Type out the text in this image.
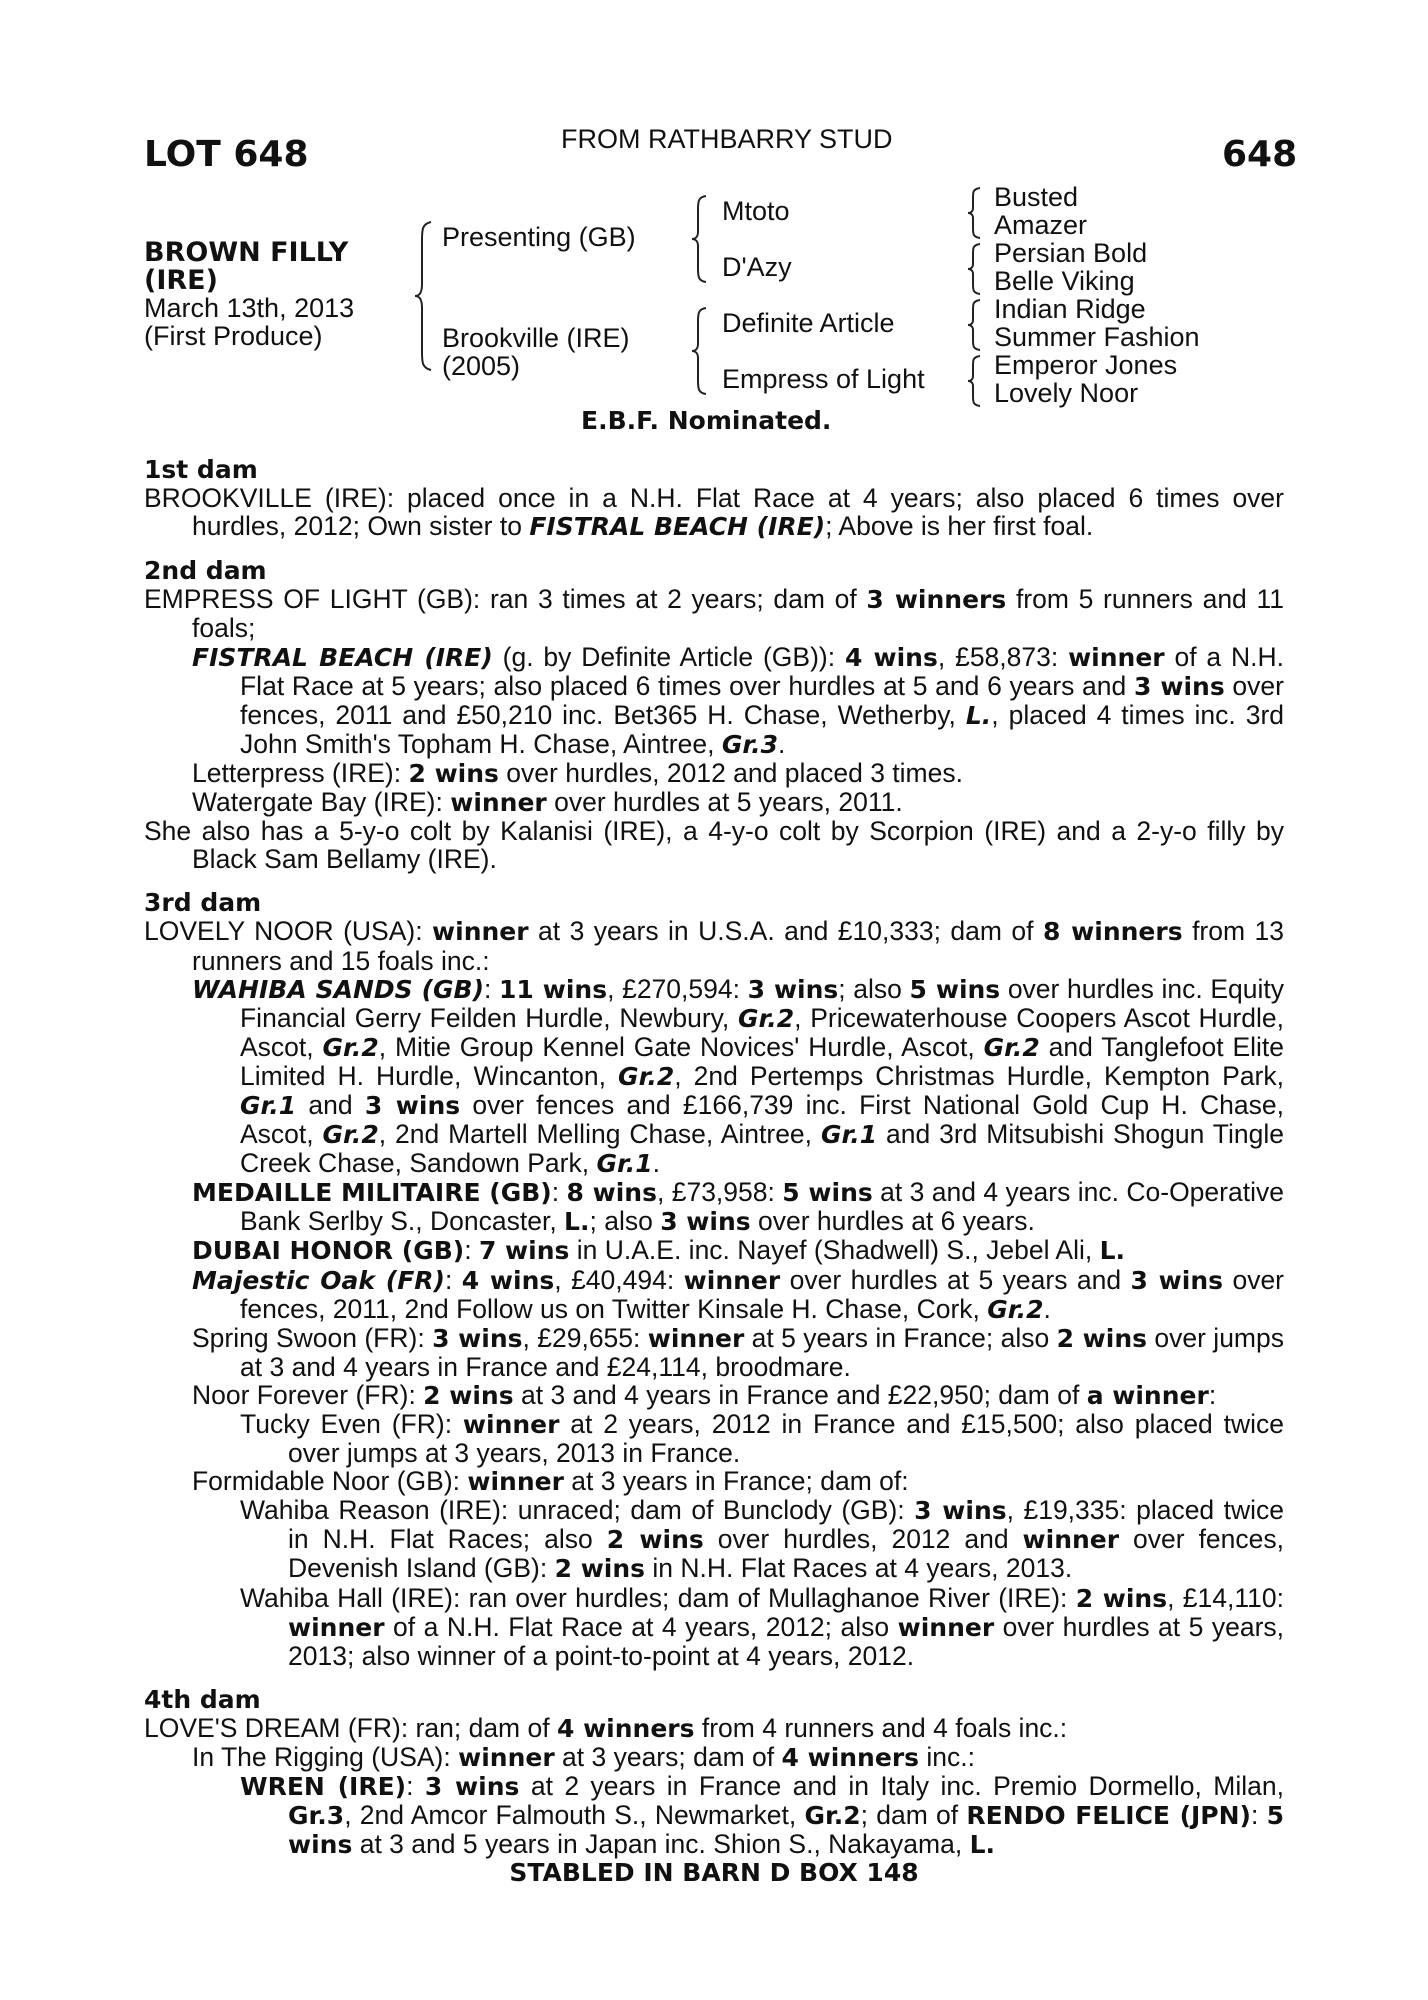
LOT 648	FROM RATHBARRY STUD	648
BROWN FILLY
(IRE)
March 13th, 2013
(First Produce)
Presenting (GB)
Brookville (IRE)
(2005)
Mtoto
D'Azy
Definite Article
Empress of Light
Busted
Amazer
Persian Bold
Belle Viking
Indian Ridge
Summer Fashion
Emperor Jones
Lovely Noor
E.B.F. Nominated.
1st dam
BROOKVILLE (IRE): placed once in a N.H. Flat Race at 4 years; also placed 6 times over hurdles, 2012; Own sister to FISTRAL BEACH (IRE); Above is her first foal.
2nd dam
EMPRESS OF LIGHT (GB): ran 3 times at 2 years; dam of 3 winners from 5 runners and 11 foals;
FISTRAL BEACH (IRE) (g. by Definite Article (GB)): 4 wins, £58,873: winner of a N.H. Flat Race at 5 years; also placed 6 times over hurdles at 5 and 6 years and 3 wins over fences, 2011 and £50,210 inc. Bet365 H. Chase, Wetherby, L., placed 4 times inc. 3rd John Smith's Topham H. Chase, Aintree, Gr.3.
Letterpress (IRE): 2 wins over hurdles, 2012 and placed 3 times.
Watergate Bay (IRE): winner over hurdles at 5 years, 2011.
She also has a 5-y-o colt by Kalanisi (IRE), a 4-y-o colt by Scorpion (IRE) and a 2-y-o filly by Black Sam Bellamy (IRE).
3rd dam
LOVELY NOOR (USA): winner at 3 years in U.S.A. and £10,333; dam of 8 winners from 13 runners and 15 foals inc.:
WAHIBA SANDS (GB): 11 wins, £270,594: 3 wins; also 5 wins over hurdles inc. Equity Financial Gerry Feilden Hurdle, Newbury, Gr.2, Pricewaterhouse Coopers Ascot Hurdle, Ascot, Gr.2, Mitie Group Kennel Gate Novices' Hurdle, Ascot, Gr.2 and Tanglefoot Elite Limited H. Hurdle, Wincanton, Gr.2, 2nd Pertemps Christmas Hurdle, Kempton Park, Gr.1 and 3 wins over fences and £166,739 inc. First National Gold Cup H. Chase, Ascot, Gr.2, 2nd Martell Melling Chase, Aintree, Gr.1 and 3rd Mitsubishi Shogun Tingle Creek Chase, Sandown Park, Gr.1.
MEDAILLE MILITAIRE (GB): 8 wins, £73,958: 5 wins at 3 and 4 years inc. Co-Operative Bank Serlby S., Doncaster, L.; also 3 wins over hurdles at 6 years.
DUBAI HONOR (GB): 7 wins in U.A.E. inc. Nayef (Shadwell) S., Jebel Ali, L.
Majestic Oak (FR): 4 wins, £40,494: winner over hurdles at 5 years and 3 wins over fences, 2011, 2nd Follow us on Twitter Kinsale H. Chase, Cork, Gr.2.
Spring Swoon (FR): 3 wins, £29,655: winner at 5 years in France; also 2 wins over jumps at 3 and 4 years in France and £24,114, broodmare.
Noor Forever (FR): 2 wins at 3 and 4 years in France and £22,950; dam of a winner:
Tucky Even (FR): winner at 2 years, 2012 in France and £15,500; also placed twice over jumps at 3 years, 2013 in France.
Formidable Noor (GB): winner at 3 years in France; dam of:
Wahiba Reason (IRE): unraced; dam of Bunclody (GB): 3 wins, £19,335: placed twice in N.H. Flat Races; also 2 wins over hurdles, 2012 and winner over fences, Devenish Island (GB): 2 wins in N.H. Flat Races at 4 years, 2013.
Wahiba Hall (IRE): ran over hurdles; dam of Mullaghanoe River (IRE): 2 wins, £14,110: winner of a N.H. Flat Race at 4 years, 2012; also winner over hurdles at 5 years, 2013; also winner of a point-to-point at 4 years, 2012.
4th dam
LOVE'S DREAM (FR): ran; dam of 4 winners from 4 runners and 4 foals inc.:
In The Rigging (USA): winner at 3 years; dam of 4 winners inc.:
WREN (IRE): 3 wins at 2 years in France and in Italy inc. Premio Dormello, Milan, Gr.3, 2nd Amcor Falmouth S., Newmarket, Gr.2; dam of RENDO FELICE (JPN): 5 wins at 3 and 5 years in Japan inc. Shion S., Nakayama, L.
STABLED IN BARN D BOX 148
